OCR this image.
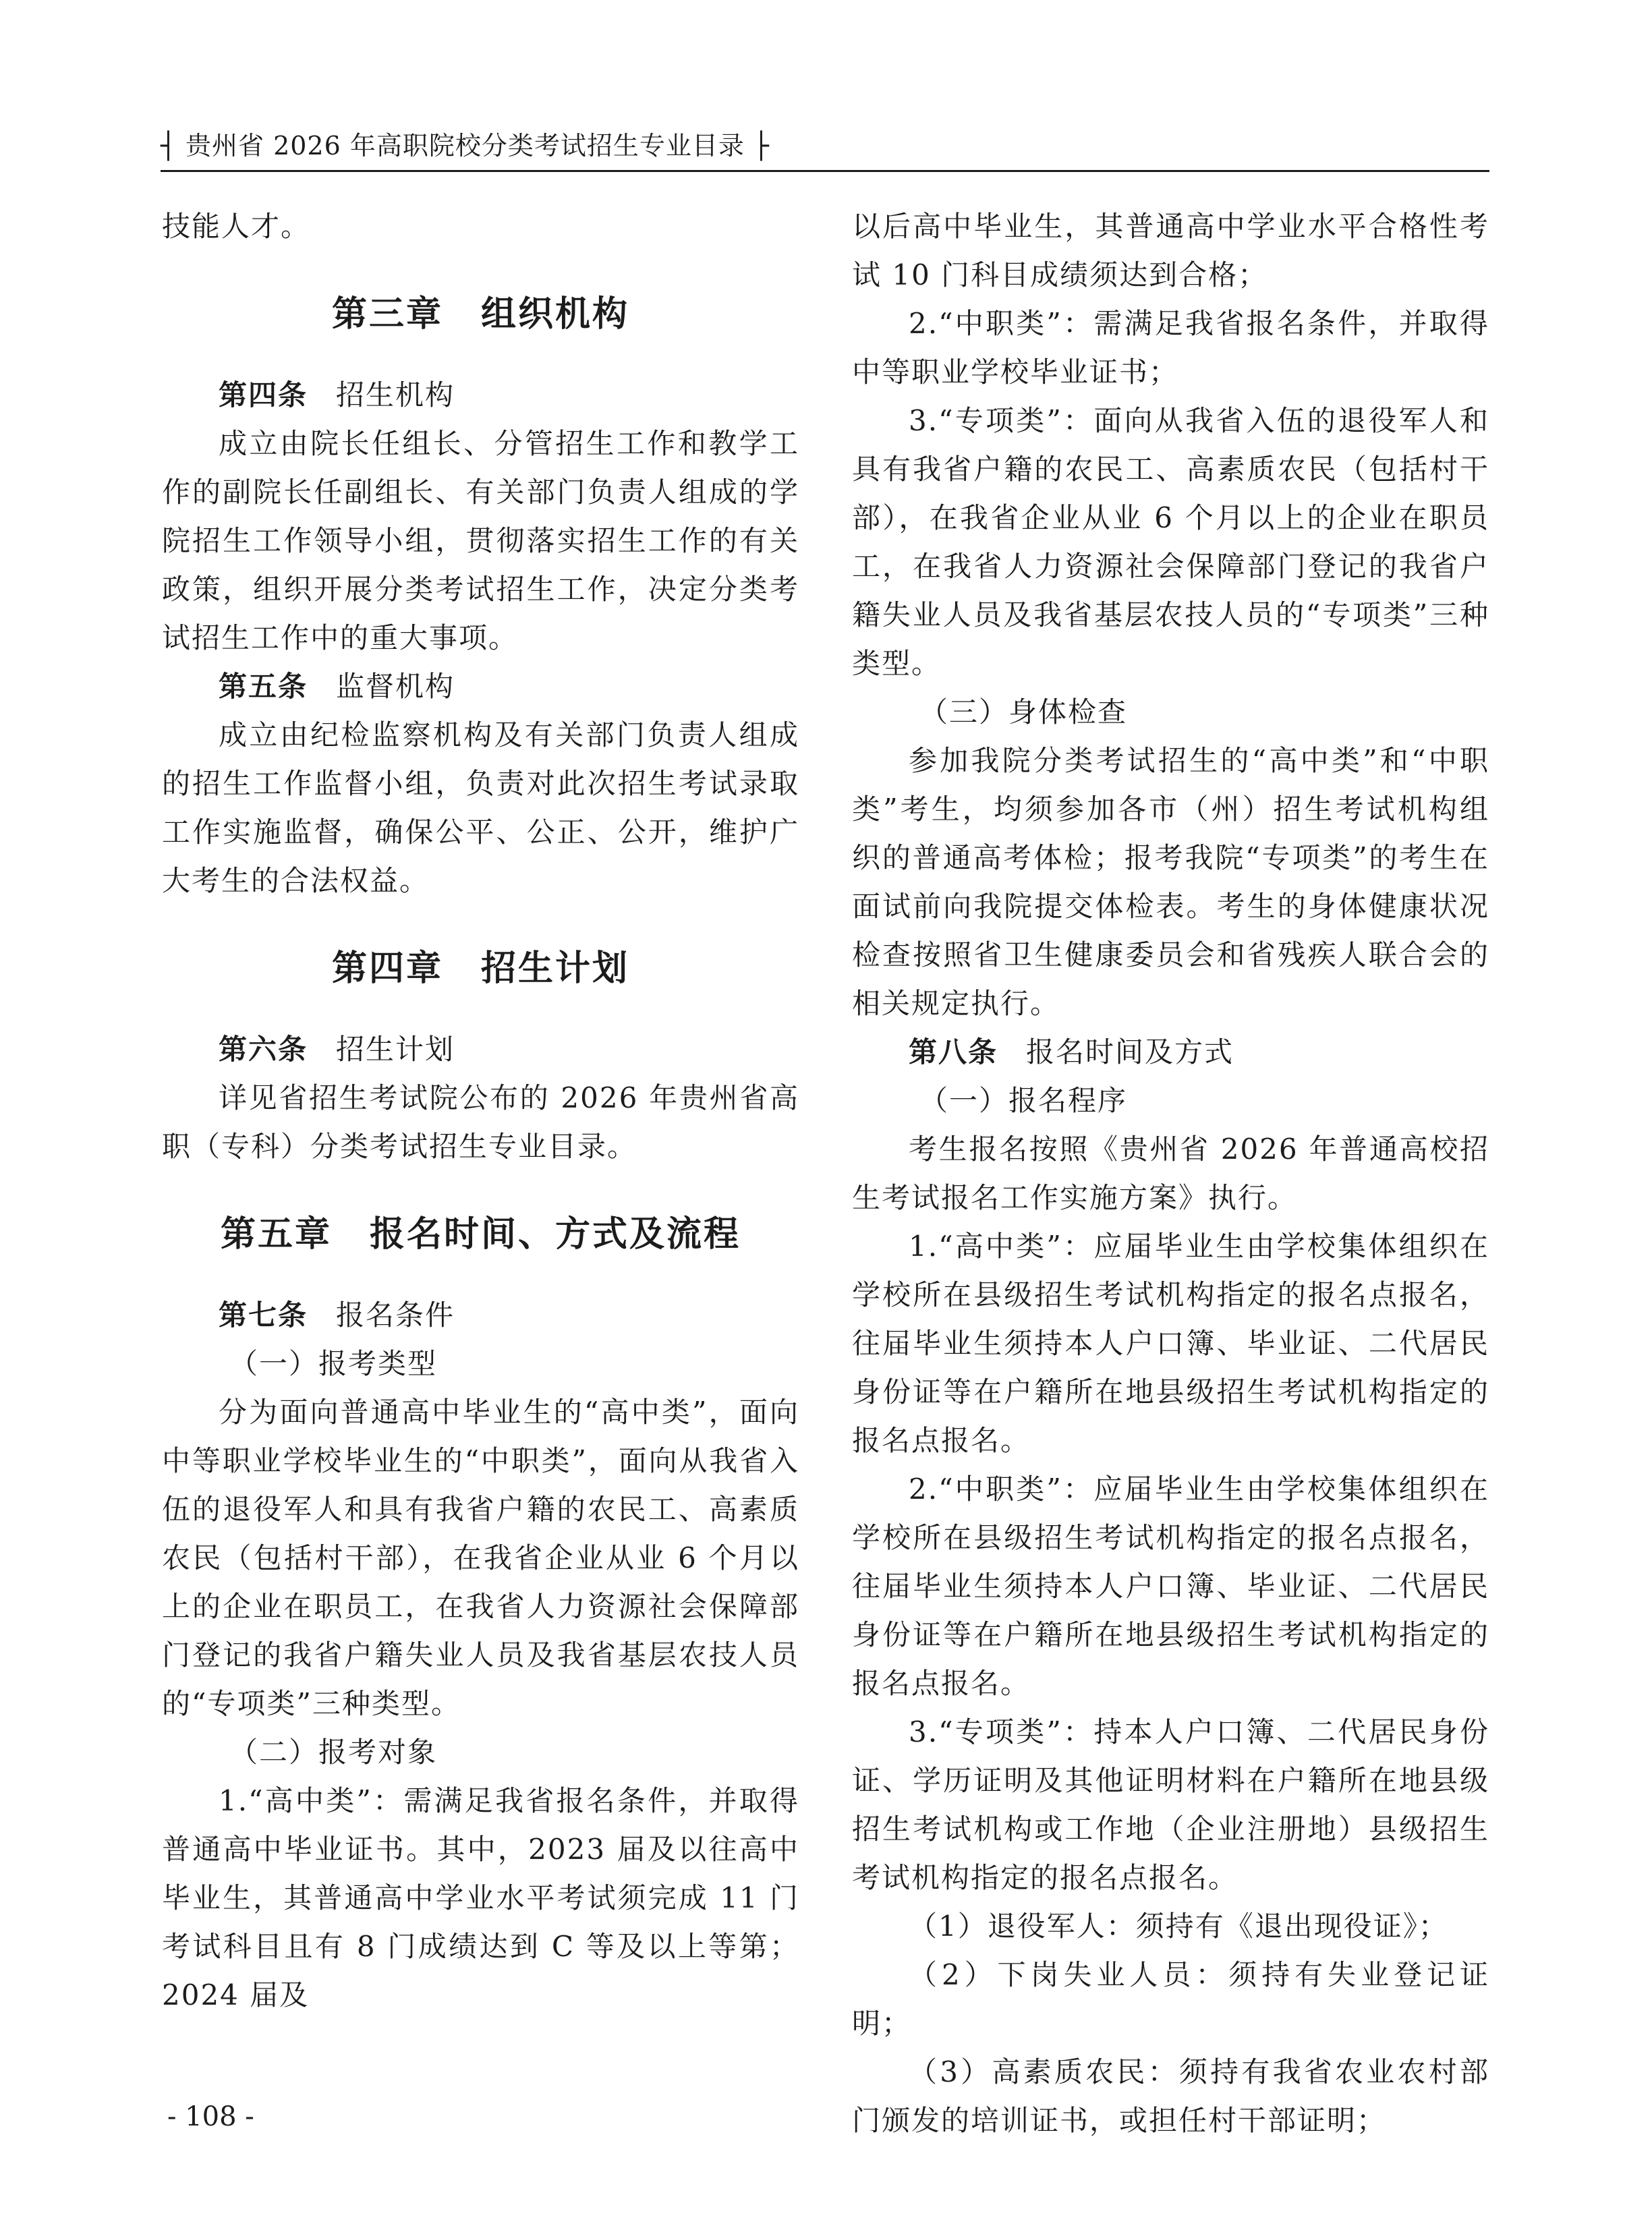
┤ 贵州省 2026 年高职院校分类考试招生专业目录 ├

技能人才。

第三章 组织机构

第四条 招生机构

成立由院长任组长、分管招生工作和教学工作的副院长任副组长、有关部门负责人组成的学院招生工作领导小组，贯彻落实招生工作的有关政策，组织开展分类考试招生工作，决定分类考试招生工作中的重大事项。

第五条 监督机构

成立由纪检监察机构及有关部门负责人组成的招生工作监督小组，负责对此次招生考试录取工作实施监督，确保公平、公正、公开，维护广大考生的合法权益。

第四章 招生计划

第六条 招生计划

详见省招生考试院公布的 2026 年贵州省高职（专科）分类考试招生专业目录。

第五章 报名时间、方式及流程

第七条 报名条件

（一）报考类型

分为面向普通高中毕业生的“高中类”，面向中等职业学校毕业生的“中职类”，面向从我省入伍的退役军人和具有我省户籍的农民工、高素质农民（包括村干部），在我省企业从业 6 个月以上的企业在职员工，在我省人力资源社会保障部门登记的我省户籍失业人员及我省基层农技人员的“专项类”三种类型。

（二）报考对象

1.“高中类”：需满足我省报名条件，并取得普通高中毕业证书。其中，2023 届及以往高中毕业生，其普通高中学业水平考试须完成 11 门考试科目且有 8 门成绩达到 C 等及以上等第；2024 届及

以后高中毕业生，其普通高中学业水平合格性考试 10 门科目成绩须达到合格；

2.“中职类”：需满足我省报名条件，并取得中等职业学校毕业证书；

3.“专项类”：面向从我省入伍的退役军人和具有我省户籍的农民工、高素质农民（包括村干部），在我省企业从业 6 个月以上的企业在职员工，在我省人力资源社会保障部门登记的我省户籍失业人员及我省基层农技人员的“专项类”三种类型。

（三）身体检查

参加我院分类考试招生的“高中类”和“中职类”考生，均须参加各市（州）招生考试机构组织的普通高考体检；报考我院“专项类”的考生在面试前向我院提交体检表。考生的身体健康状况检查按照省卫生健康委员会和省残疾人联合会的相关规定执行。

第八条 报名时间及方式

（一）报名程序

考生报名按照《贵州省 2026 年普通高校招生考试报名工作实施方案》执行。

1.“高中类”：应届毕业生由学校集体组织在学校所在县级招生考试机构指定的报名点报名，往届毕业生须持本人户口簿、毕业证、二代居民身份证等在户籍所在地县级招生考试机构指定的报名点报名。

2.“中职类”：应届毕业生由学校集体组织在学校所在县级招生考试机构指定的报名点报名，往届毕业生须持本人户口簿、毕业证、二代居民身份证等在户籍所在地县级招生考试机构指定的报名点报名。

3.“专项类”：持本人户口簿、二代居民身份证、学历证明及其他证明材料在户籍所在地县级招生考试机构或工作地（企业注册地）县级招生考试机构指定的报名点报名。

（1）退役军人：须持有《退出现役证》；

（2）下岗失业人员：须持有失业登记证明；

（3）高素质农民：须持有我省农业农村部门颁发的培训证书，或担任村干部证明；

- 108 -
